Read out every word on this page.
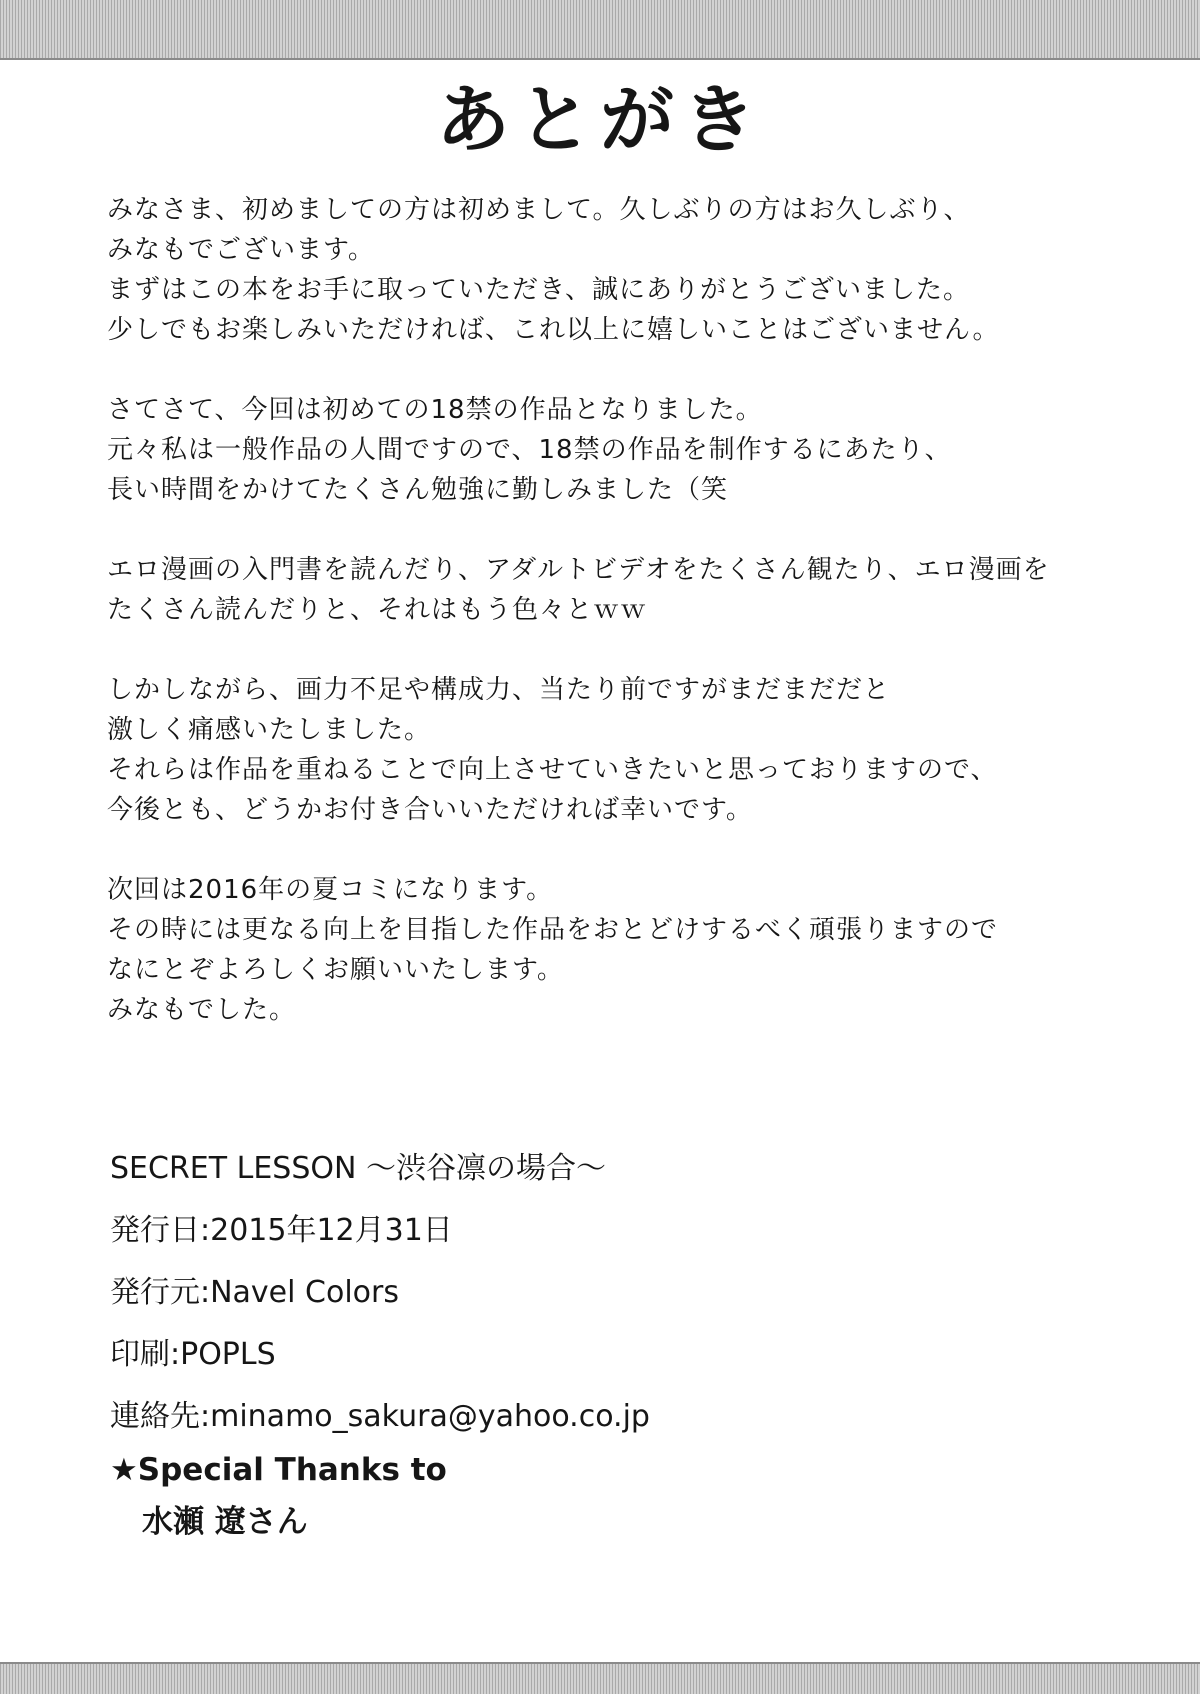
あとがき
みなさま、初めましての方は初めまして。久しぶりの方はお久しぶり、
みなもでございます。
まずはこの本をお手に取っていただき、誠にありがとうございました。
少しでもお楽しみいただければ、これ以上に嬉しいことはございません。
さてさて、今回は初めての18禁の作品となりました。
元々私は一般作品の人間ですので、18禁の作品を制作するにあたり、
長い時間をかけてたくさん勉強に勤しみました（笑
エロ漫画の入門書を読んだり、アダルトビデオをたくさん観たり、エロ漫画を
たくさん読んだりと、それはもう色々とｗｗ
しかしながら、画力不足や構成力、当たり前ですがまだまだだと
激しく痛感いたしました。
それらは作品を重ねることで向上させていきたいと思っておりますので、
今後とも、どうかお付き合いいただければ幸いです。
次回は2016年の夏コミになります。
その時には更なる向上を目指した作品をおとどけするべく頑張りますので
なにとぞよろしくお願いいたします。
みなもでした。
SECRET LESSON 〜渋谷凛の場合〜
発行日:2015年12月31日
発行元:Navel Colors
印刷:POPLS
連絡先:minamo_sakura@yahoo.co.jp
★Special Thanks to
水瀬 遼さん
